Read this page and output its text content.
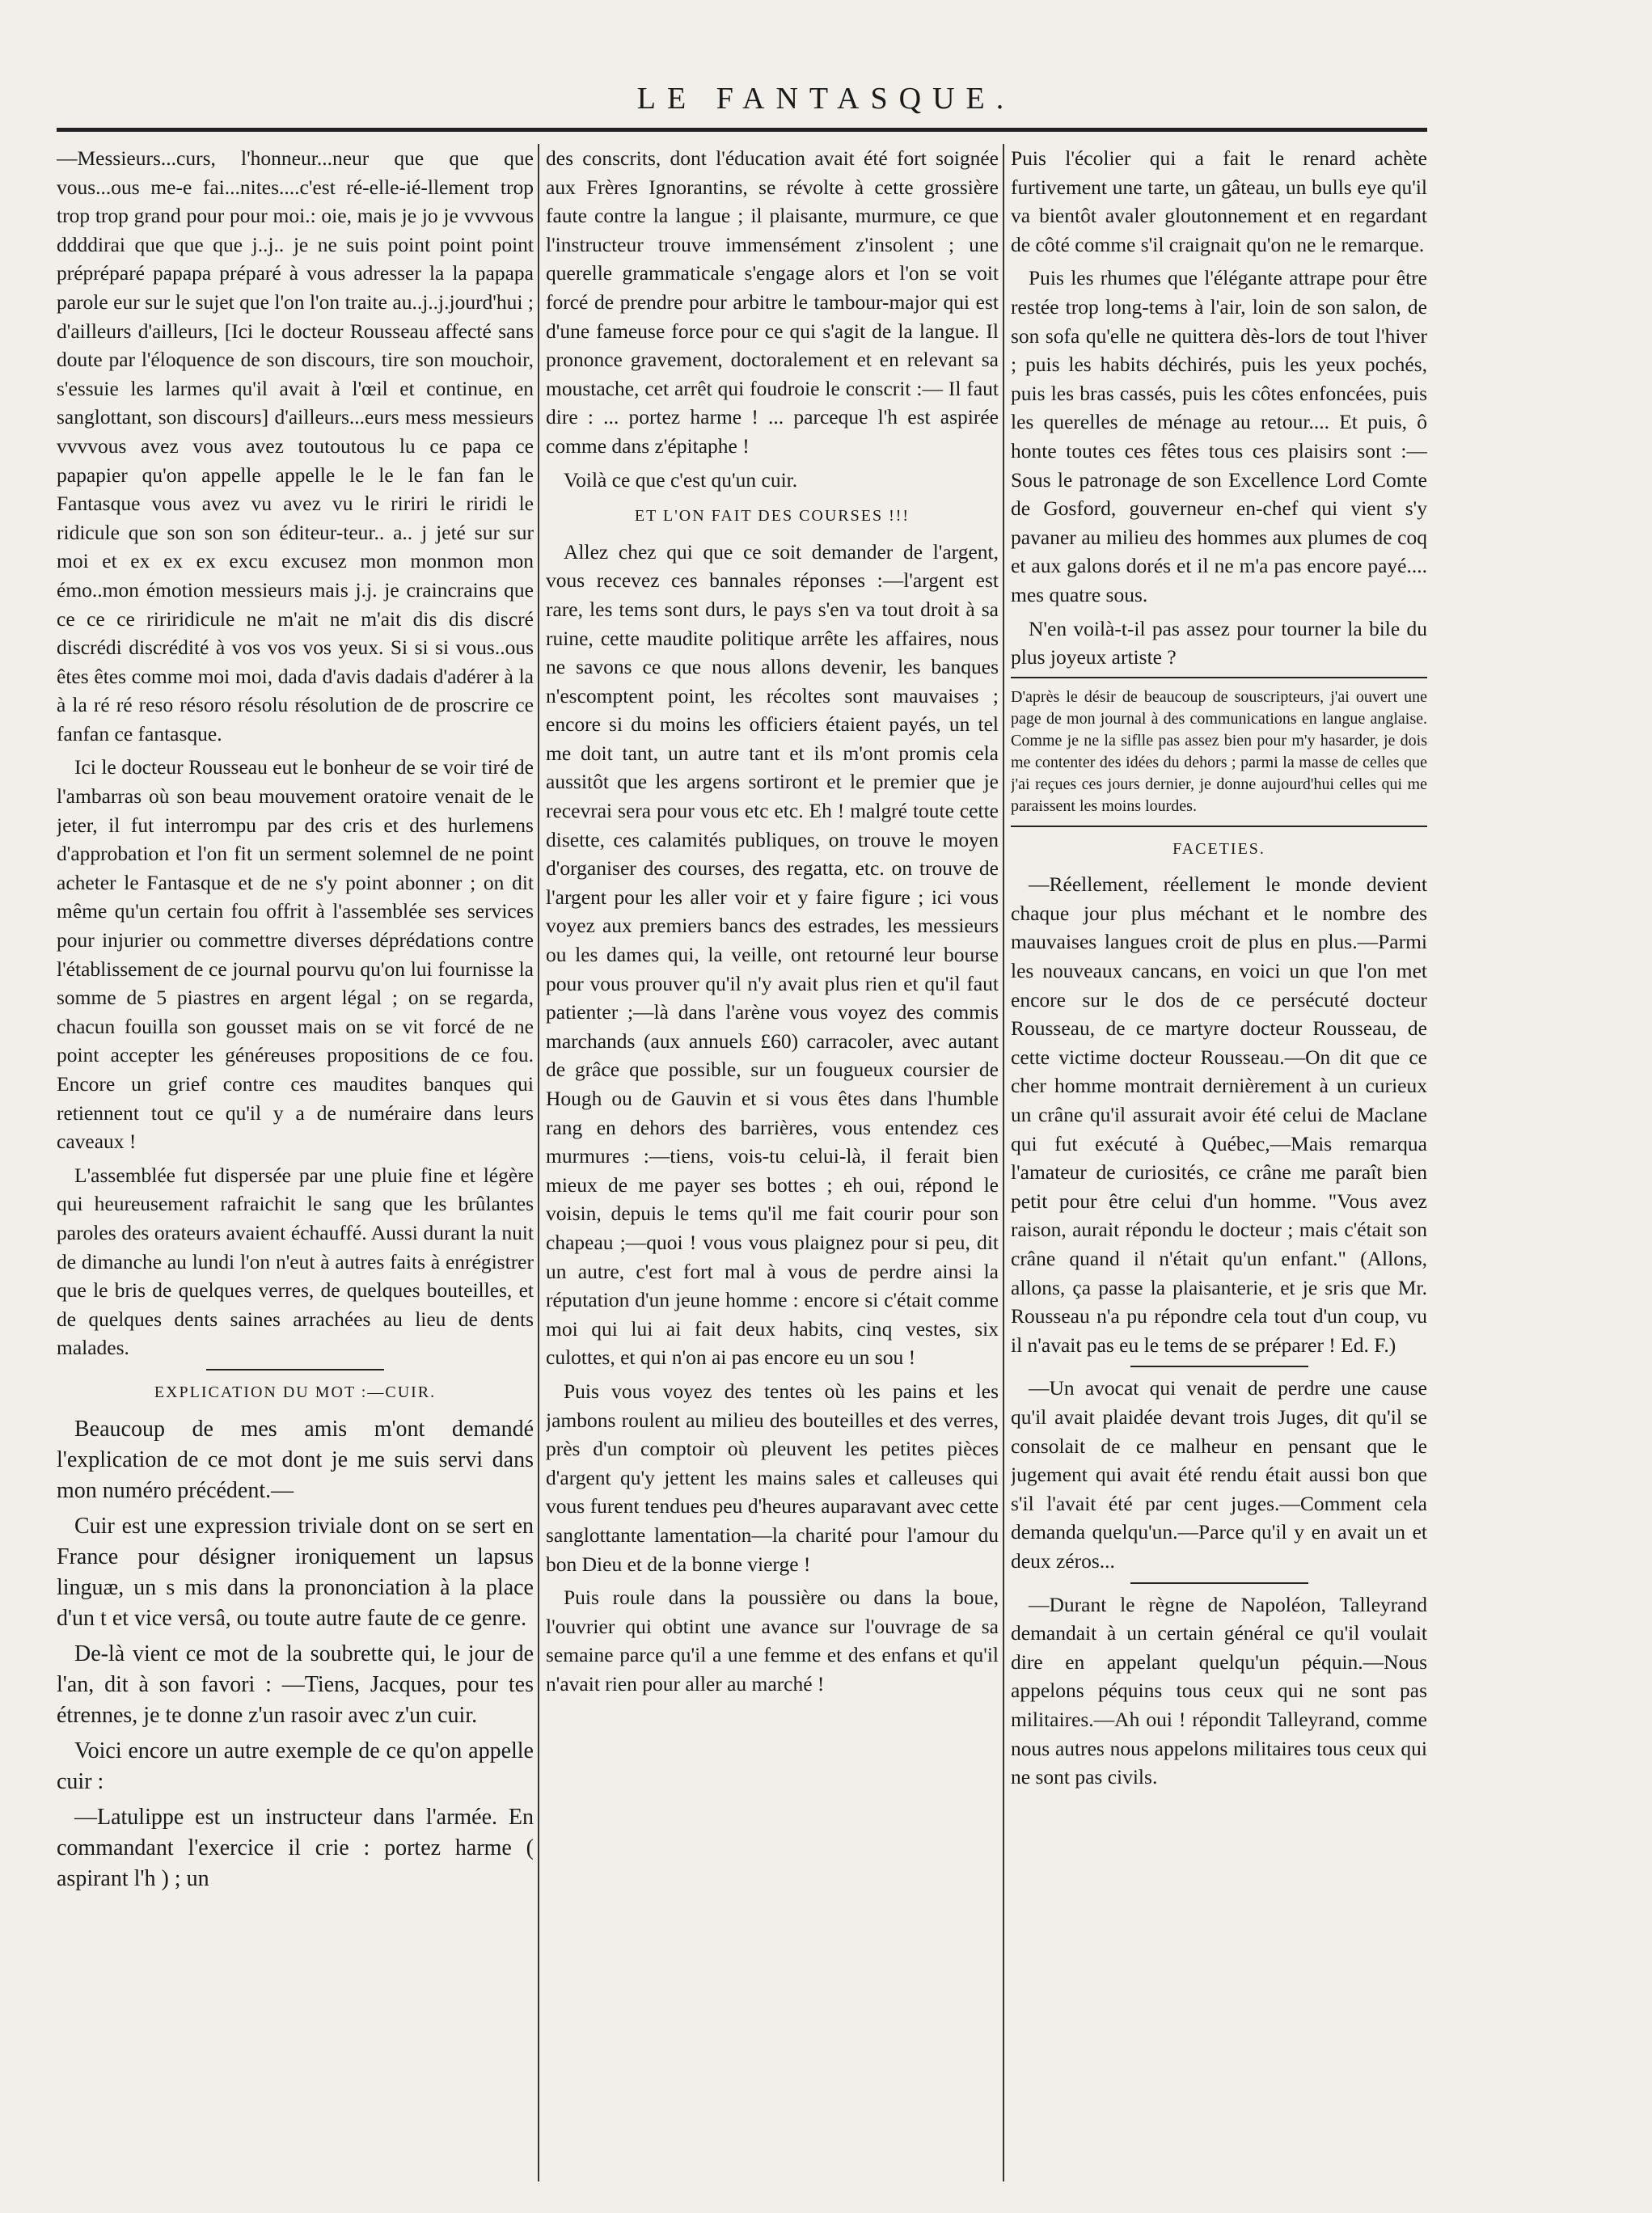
LE FANTASQUE.

—Messieurs...curs, l'honneur...neur que que que vous...ous me-e fai...nites....c'est ré-elle-ié-llement trop trop trop grand pour pour moi.: oie, mais je jo je vvvvous ddddirai que que que j..j.. je ne suis point point point prépréparé papapa préparé à vous adresser la la papapa parole eur sur le sujet que l'on l'on traite au..j..j.jourd'hui ; d'ailleurs d'ailleurs, [Ici le docteur Rousseau affecté sans doute par l'éloquence de son discours, tire son mouchoir, s'essuie les larmes qu'il avait à l'œil et continue, en sanglottant, son discours] d'ailleurs...eurs mess messieurs vvvvous avez vous avez toutoutous lu ce papa ce papapier qu'on appelle appelle le le le fan fan le Fantasque vous avez vu avez vu le ririri le riridi le ridicule que son son son éditeur-teur.. a.. j jeté sur sur moi et ex ex ex excu excusez mon monmon mon émo..mon émotion messieurs mais j.j. je craincrains que ce ce ce ririridicule ne m'ait ne m'ait dis dis discré discrédi discrédité à vos vos vos yeux. Si si si vous..ous êtes êtes comme moi moi, dada d'avis dadais d'adérer à la à la ré ré reso résoro résolu résolution de de proscrire ce fanfan ce fantasque.

Ici le docteur Rousseau eut le bonheur de se voir tiré de l'ambarras où son beau mouvement oratoire venait de le jeter, il fut interrompu par des cris et des hurlemens d'approbation et l'on fit un serment solemnel de ne point acheter le Fantasque et de ne s'y point abonner ; on dit même qu'un certain fou offrit à l'assemblée ses services pour injurier ou commettre diverses déprédations contre l'établissement de ce journal pourvu qu'on lui fournisse la somme de 5 piastres en argent légal ; on se regarda, chacun fouilla son gousset mais on se vit forcé de ne point accepter les généreuses propositions de ce fou. Encore un grief contre ces maudites banques qui retiennent tout ce qu'il y a de numéraire dans leurs caveaux !

L'assemblée fut dispersée par une pluie fine et légère qui heureusement rafraichit le sang que les brûlantes paroles des orateurs avaient échauffé. Aussi durant la nuit de dimanche au lundi l'on n'eut à autres faits à enrégistrer que le bris de quelques verres, de quelques bouteilles, et de quelques dents saines arrachées au lieu de dents malades.

EXPLICATION DU MOT :—CUIR.

Beaucoup de mes amis m'ont demandé l'explication de ce mot dont je me suis servi dans mon numéro précédent.—

Cuir est une expression triviale dont on se sert en France pour désigner ironiquement un lapsus linguæ, un s mis dans la prononciation à la place d'un t et vice versâ, ou toute autre faute de ce genre.

De-là vient ce mot de la soubrette qui, le jour de l'an, dit à son favori : —Tiens, Jacques, pour tes étrennes, je te donne z'un rasoir avec z'un cuir.

Voici encore un autre exemple de ce qu'on appelle cuir :

—Latulippe est un instructeur dans l'armée. En commandant l'exercice il crie : portez harme ( aspirant l'h ) ; un

des conscrits, dont l'éducation avait été fort soignée aux Frères Ignorantins, se révolte à cette grossière faute contre la langue ; il plaisante, murmure, ce que l'instructeur trouve immensément z'insolent ; une querelle grammaticale s'engage alors et l'on se voit forcé de prendre pour arbitre le tambour-major qui est d'une fameuse force pour ce qui s'agit de la langue. Il prononce gravement, doctoralement et en relevant sa moustache, cet arrêt qui foudroie le conscrit :— Il faut dire : ... portez harme ! ... parceque l'h est aspirée comme dans z'épitaphe !

Voilà ce que c'est qu'un cuir.

ET L'ON FAIT DES COURSES !!!

Allez chez qui que ce soit demander de l'argent, vous recevez ces bannales réponses :—l'argent est rare, les tems sont durs, le pays s'en va tout droit à sa ruine, cette maudite politique arrête les affaires, nous ne savons ce que nous allons devenir, les banques n'escomptent point, les récoltes sont mauvaises ; encore si du moins les officiers étaient payés, un tel me doit tant, un autre tant et ils m'ont promis cela aussitôt que les argens sortiront et le premier que je recevrai sera pour vous etc etc. Eh ! malgré toute cette disette, ces calamités publiques, on trouve le moyen d'organiser des courses, des regatta, etc. on trouve de l'argent pour les aller voir et y faire figure ; ici vous voyez aux premiers bancs des estrades, les messieurs ou les dames qui, la veille, ont retourné leur bourse pour vous prouver qu'il n'y avait plus rien et qu'il faut patienter ;—là dans l'arène vous voyez des commis marchands (aux annuels £60) carracoler, avec autant de grâce que possible, sur un fougueux coursier de Hough ou de Gauvin et si vous êtes dans l'humble rang en dehors des barrières, vous entendez ces murmures :—tiens, vois-tu celui-là, il ferait bien mieux de me payer ses bottes ; eh oui, répond le voisin, depuis le tems qu'il me fait courir pour son chapeau ;—quoi ! vous vous plaignez pour si peu, dit un autre, c'est fort mal à vous de perdre ainsi la réputation d'un jeune homme : encore si c'était comme moi qui lui ai fait deux habits, cinq vestes, six culottes, et qui n'on ai pas encore eu un sou !

Puis vous voyez des tentes où les pains et les jambons roulent au milieu des bouteilles et des verres, près d'un comptoir où pleuvent les petites pièces d'argent qu'y jettent les mains sales et calleuses qui vous furent tendues peu d'heures auparavant avec cette sanglottante lamentation—la charité pour l'amour du bon Dieu et de la bonne vierge !

Puis roule dans la poussière ou dans la boue, l'ouvrier qui obtint une avance sur l'ouvrage de sa semaine parce qu'il a une femme et des enfans et qu'il n'avait rien pour aller au marché !

Puis l'écolier qui a fait le renard achète furtivement une tarte, un gâteau, un bulls eye qu'il va bientôt avaler gloutonnement et en regardant de côté comme s'il craignait qu'on ne le remarque.

Puis les rhumes que l'élégante attrape pour être restée trop long-tems à l'air, loin de son salon, de son sofa qu'elle ne quittera dès-lors de tout l'hiver ; puis les habits déchirés, puis les yeux pochés, puis les bras cassés, puis les côtes enfoncées, puis les querelles de ménage au retour.... Et puis, ô honte toutes ces fêtes tous ces plaisirs sont :—Sous le patronage de son Excellence Lord Comte de Gosford, gouverneur en-chef qui vient s'y pavaner au milieu des hommes aux plumes de coq et aux galons dorés et il ne m'a pas encore payé.... mes quatre sous.

N'en voilà-t-il pas assez pour tourner la bile du plus joyeux artiste ?

D'après le désir de beaucoup de souscripteurs, j'ai ouvert une page de mon journal à des communications en langue anglaise. Comme je ne la siflle pas assez bien pour m'y hasarder, je dois me contenter des idées du dehors ; parmi la masse de celles que j'ai reçues ces jours dernier, je donne aujourd'hui celles qui me paraissent les moins lourdes.
FACETIES.

—Réellement, réellement le monde devient chaque jour plus méchant et le nombre des mauvaises langues croit de plus en plus.—Parmi les nouveaux cancans, en voici un que l'on met encore sur le dos de ce persécuté docteur Rousseau, de ce martyre docteur Rousseau, de cette victime docteur Rousseau.—On dit que ce cher homme montrait dernièrement à un curieux un crâne qu'il assurait avoir été celui de Maclane qui fut exécuté à Québec,—Mais remarqua l'amateur de curiosités, ce crâne me paraît bien petit pour être celui d'un homme. "Vous avez raison, aurait répondu le docteur ; mais c'était son crâne quand il n'était qu'un enfant." (Allons, allons, ça passe la plaisanterie, et je sris que Mr. Rousseau n'a pu répondre cela tout d'un coup, vu il n'avait pas eu le tems de se préparer ! Ed. F.)

—Un avocat qui venait de perdre une cause qu'il avait plaidée devant trois Juges, dit qu'il se consolait de ce malheur en pensant que le jugement qui avait été rendu était aussi bon que s'il l'avait été par cent juges.—Comment cela demanda quelqu'un.—Parce qu'il y en avait un et deux zéros...

—Durant le règne de Napoléon, Talleyrand demandait à un certain général ce qu'il voulait dire en appelant quelqu'un péquin.—Nous appelons péquins tous ceux qui ne sont pas militaires.—Ah oui ! répondit Talleyrand, comme nous autres nous appelons militaires tous ceux qui ne sont pas civils.
